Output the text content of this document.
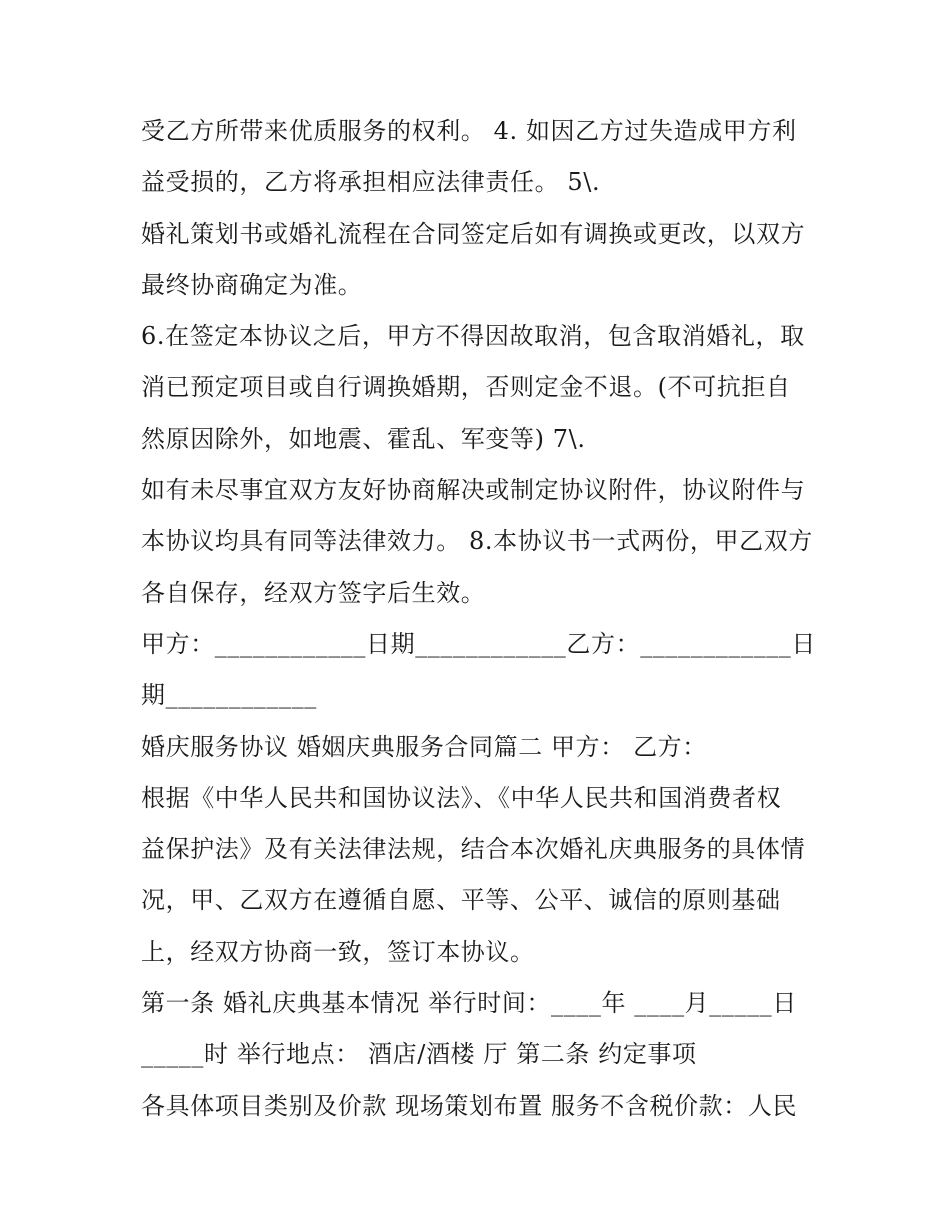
受乙方所带来优质服务的权利。 4. 如因乙方过失造成甲方利
益受损的，乙方将承担相应法律责任。 5\.
婚礼策划书或婚礼流程在合同签定后如有调换或更改，以双方
最终协商确定为准。
6.在签定本协议之后，甲方不得因故取消，包含取消婚礼，取
消已预定项目或自行调换婚期，否则定金不退。(不可抗拒自
然原因除外，如地震、霍乱、军变等) 7\.
如有未尽事宜双方友好协商解决或制定协议附件，协议附件与
本协议均具有同等法律效力。 8.本协议书一式两份，甲乙双方
各自保存，经双方签字后生效。
甲方：____________日期____________乙方：____________日
期____________
婚庆服务协议 婚姻庆典服务合同篇二 甲方： 乙方：
根据《中华人民共和国协议法》、《中华人民共和国消费者权
益保护法》及有关法律法规，结合本次婚礼庆典服务的具体情
况，甲、乙双方在遵循自愿、平等、公平、诚信的原则基础
上，经双方协商一致，签订本协议。
第一条 婚礼庆典基本情况 举行时间：____年 ____月_____日
_____时 举行地点： 酒店/酒楼 厅 第二条 约定事项
各具体项目类别及价款 现场策划布置 服务不含税价款：人民
